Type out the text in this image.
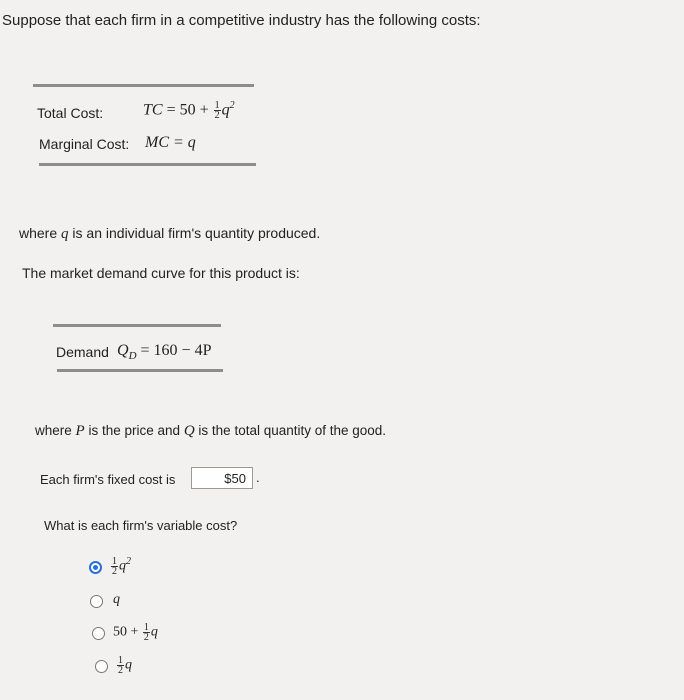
Suppose that each firm in a competitive industry has the following costs:
Total Cost: TC = $50 + \frac{1}{2} q^2$
Marginal Cost: MC = q
where q is an individual firm's quantity produced.
The market demand curve for this product is:
Demand $Q_D = 160 - 4P$
where P is the price and Q is the total quantity of the good.
Each firm's fixed cost is	$50 .
What is each firm's variable cost?
$\frac{1}{2} q^2$
q
$50 + \frac{1}{2}$ q
$\frac{1}{2}$ q
